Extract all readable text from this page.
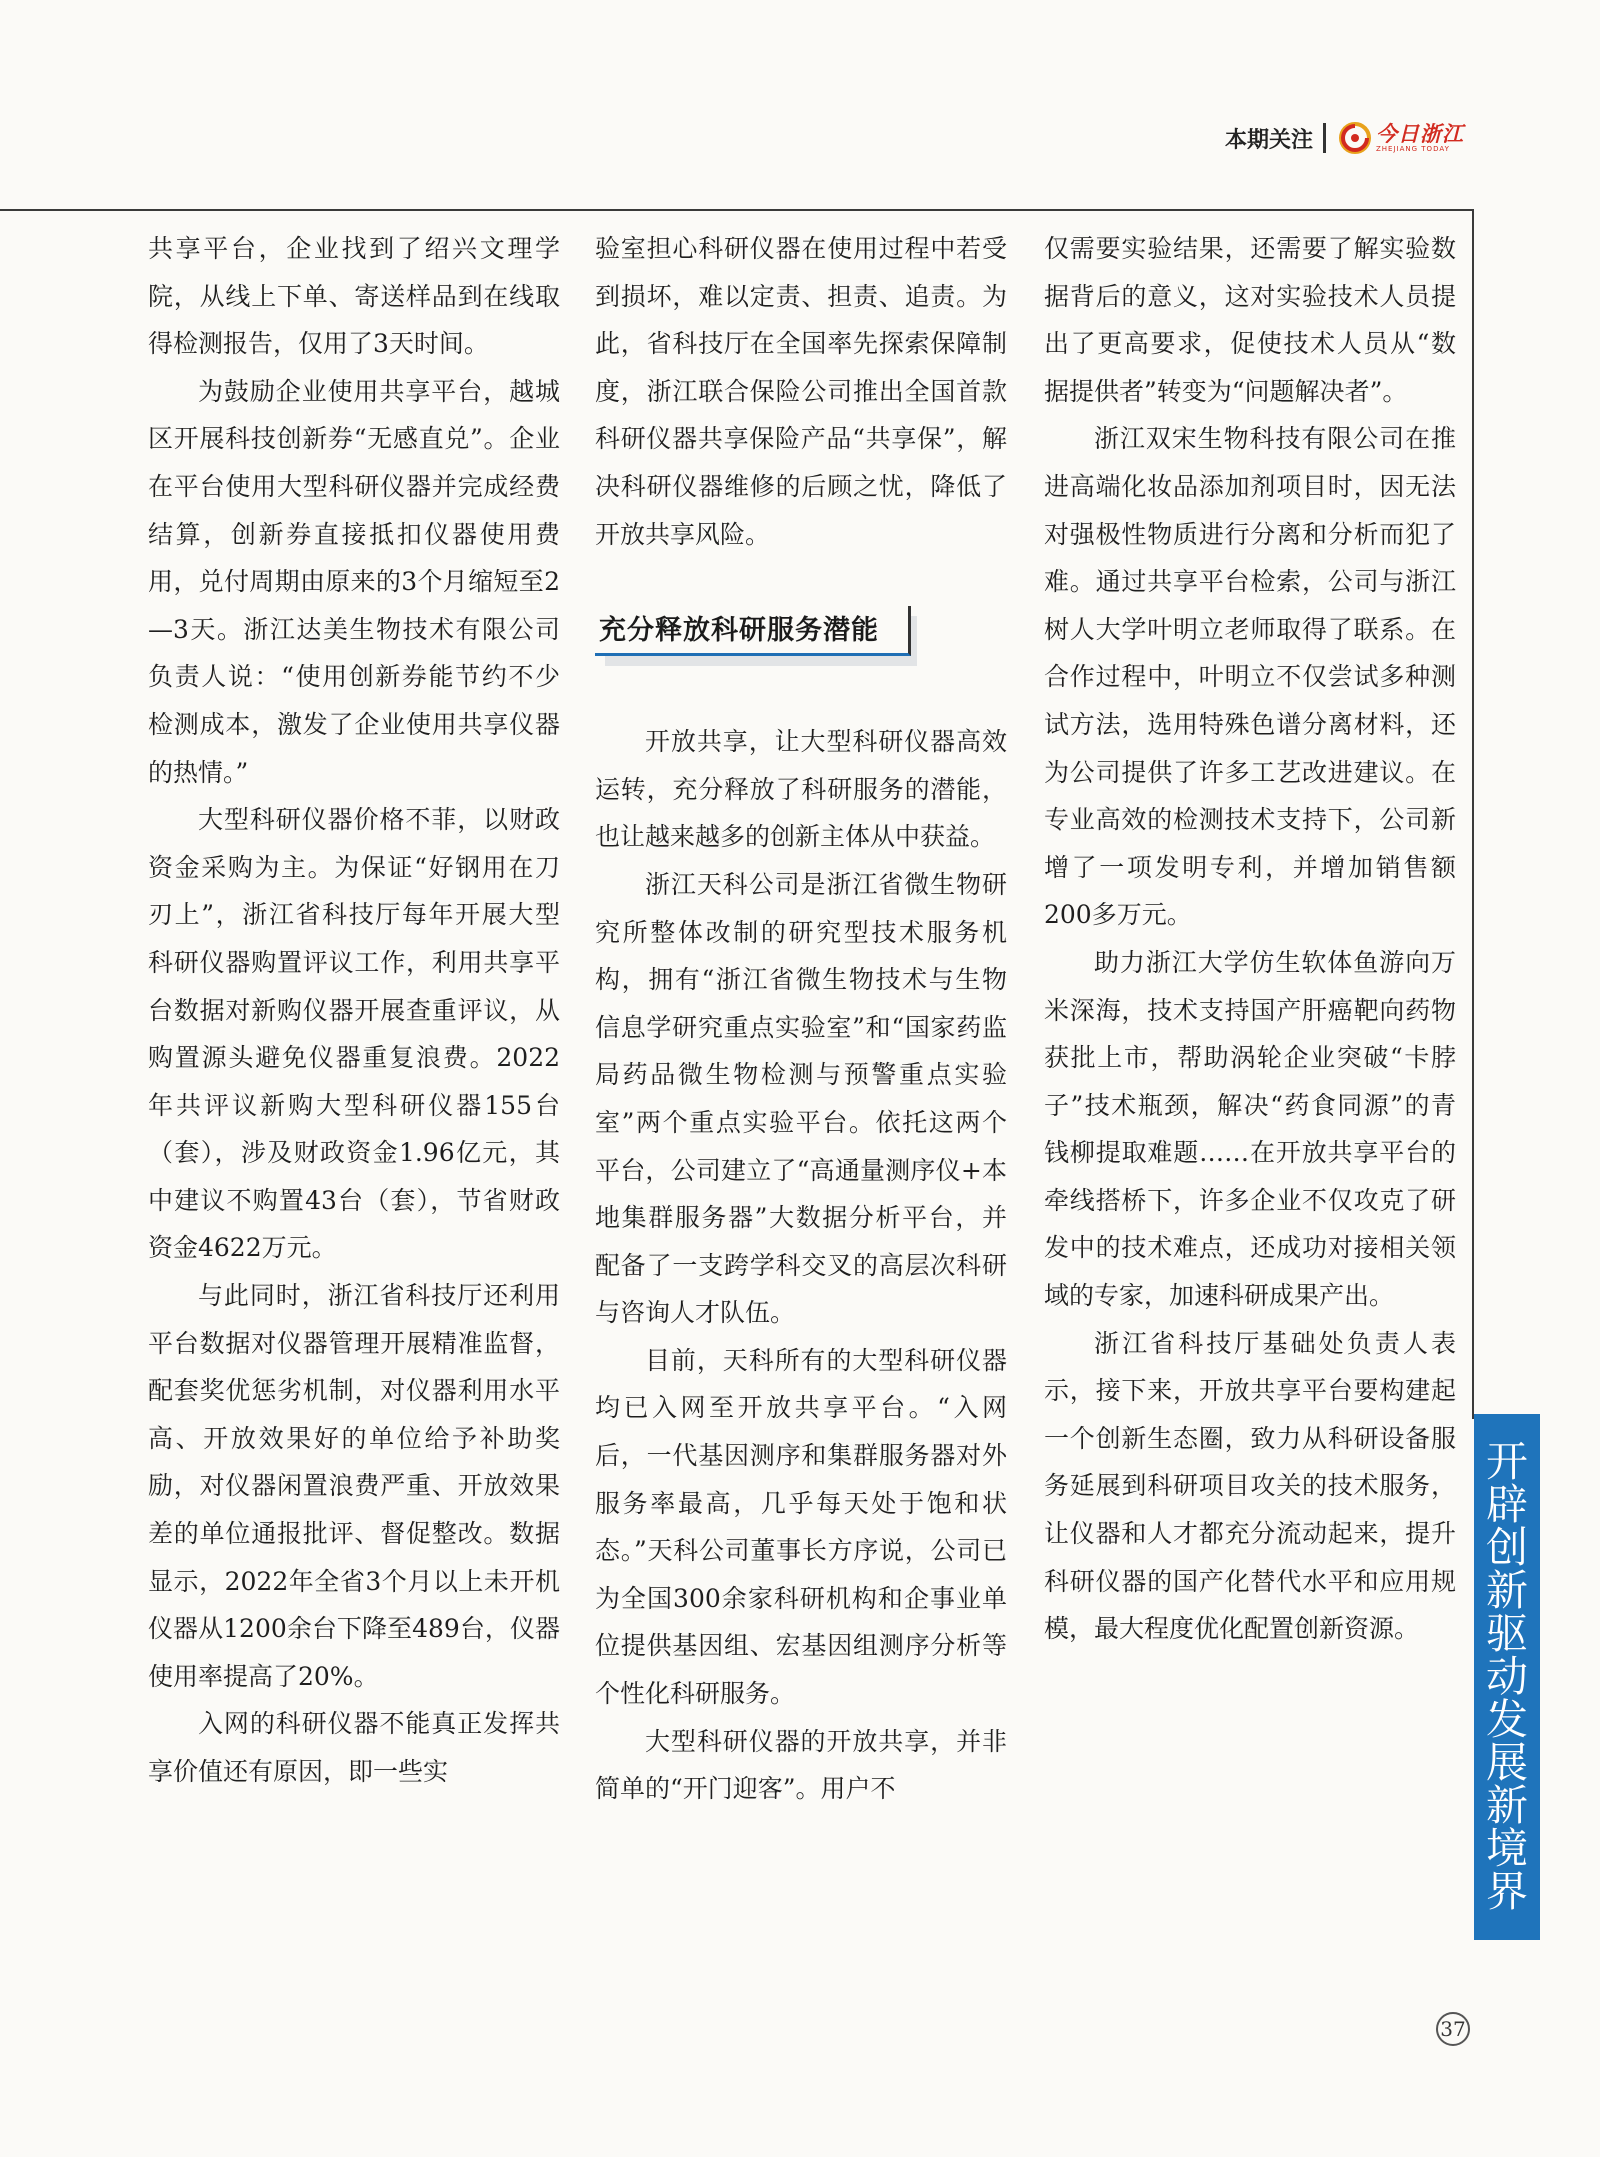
本期关注	今日浙江
ZHEJIANG TODAY

共享平台，企业找到了绍兴文理学院，从线上下单、寄送样品到在线取得检测报告，仅用了3天时间。

为鼓励企业使用共享平台，越城区开展科技创新券“无感直兑”。企业在平台使用大型科研仪器并完成经费结算，创新券直接抵扣仪器使用费用，兑付周期由原来的3个月缩短至2—3天。浙江达美生物技术有限公司负责人说：“使用创新券能节约不少检测成本，激发了企业使用共享仪器的热情。”

大型科研仪器价格不菲，以财政资金采购为主。为保证“好钢用在刀刃上”，浙江省科技厅每年开展大型科研仪器购置评议工作，利用共享平台数据对新购仪器开展查重评议，从购置源头避免仪器重复浪费。2022年共评议新购大型科研仪器155台（套），涉及财政资金1.96亿元，其中建议不购置43台（套），节省财政资金4622万元。

与此同时，浙江省科技厅还利用平台数据对仪器管理开展精准监督，配套奖优惩劣机制，对仪器利用水平高、开放效果好的单位给予补助奖励，对仪器闲置浪费严重、开放效果差的单位通报批评、督促整改。数据显示，2022年全省3个月以上未开机仪器从1200余台下降至489台，仪器使用率提高了20%。

入网的科研仪器不能真正发挥共享价值还有原因，即一些实

验室担心科研仪器在使用过程中若受到损坏，难以定责、担责、追责。为此，省科技厅在全国率先探索保障制度，浙江联合保险公司推出全国首款科研仪器共享保险产品“共享保”，解决科研仪器维修的后顾之忧，降低了开放共享风险。

充分释放科研服务潜能

开放共享，让大型科研仪器高效运转，充分释放了科研服务的潜能，也让越来越多的创新主体从中获益。

浙江天科公司是浙江省微生物研究所整体改制的研究型技术服务机构，拥有“浙江省微生物技术与生物信息学研究重点实验室”和“国家药监局药品微生物检测与预警重点实验室”两个重点实验平台。依托这两个平台，公司建立了“高通量测序仪+本地集群服务器”大数据分析平台，并配备了一支跨学科交叉的高层次科研与咨询人才队伍。

目前，天科所有的大型科研仪器均已入网至开放共享平台。“入网后，一代基因测序和集群服务器对外服务率最高，几乎每天处于饱和状态。”天科公司董事长方序说，公司已为全国300余家科研机构和企事业单位提供基因组、宏基因组测序分析等个性化科研服务。

大型科研仪器的开放共享，并非简单的“开门迎客”。用户不

仅需要实验结果，还需要了解实验数据背后的意义，这对实验技术人员提出了更高要求，促使技术人员从“数据提供者”转变为“问题解决者”。

浙江双宋生物科技有限公司在推进高端化妆品添加剂项目时，因无法对强极性物质进行分离和分析而犯了难。通过共享平台检索，公司与浙江树人大学叶明立老师取得了联系。在合作过程中，叶明立不仅尝试多种测试方法，选用特殊色谱分离材料，还为公司提供了许多工艺改进建议。在专业高效的检测技术支持下，公司新增了一项发明专利，并增加销售额200多万元。

助力浙江大学仿生软体鱼游向万米深海，技术支持国产肝癌靶向药物获批上市，帮助涡轮企业突破“卡脖子”技术瓶颈，解决“药食同源”的青钱柳提取难题……在开放共享平台的牵线搭桥下，许多企业不仅攻克了研发中的技术难点，还成功对接相关领域的专家，加速科研成果产出。

浙江省科技厅基础处负责人表示，接下来，开放共享平台要构建起一个创新生态圈，致力从科研设备服务延展到科研项目攻关的技术服务，让仪器和人才都充分流动起来，提升科研仪器的国产化替代水平和应用规模，最大程度优化配置创新资源。

开
辟
创
新
驱
动
发
展
新
境
界
37
